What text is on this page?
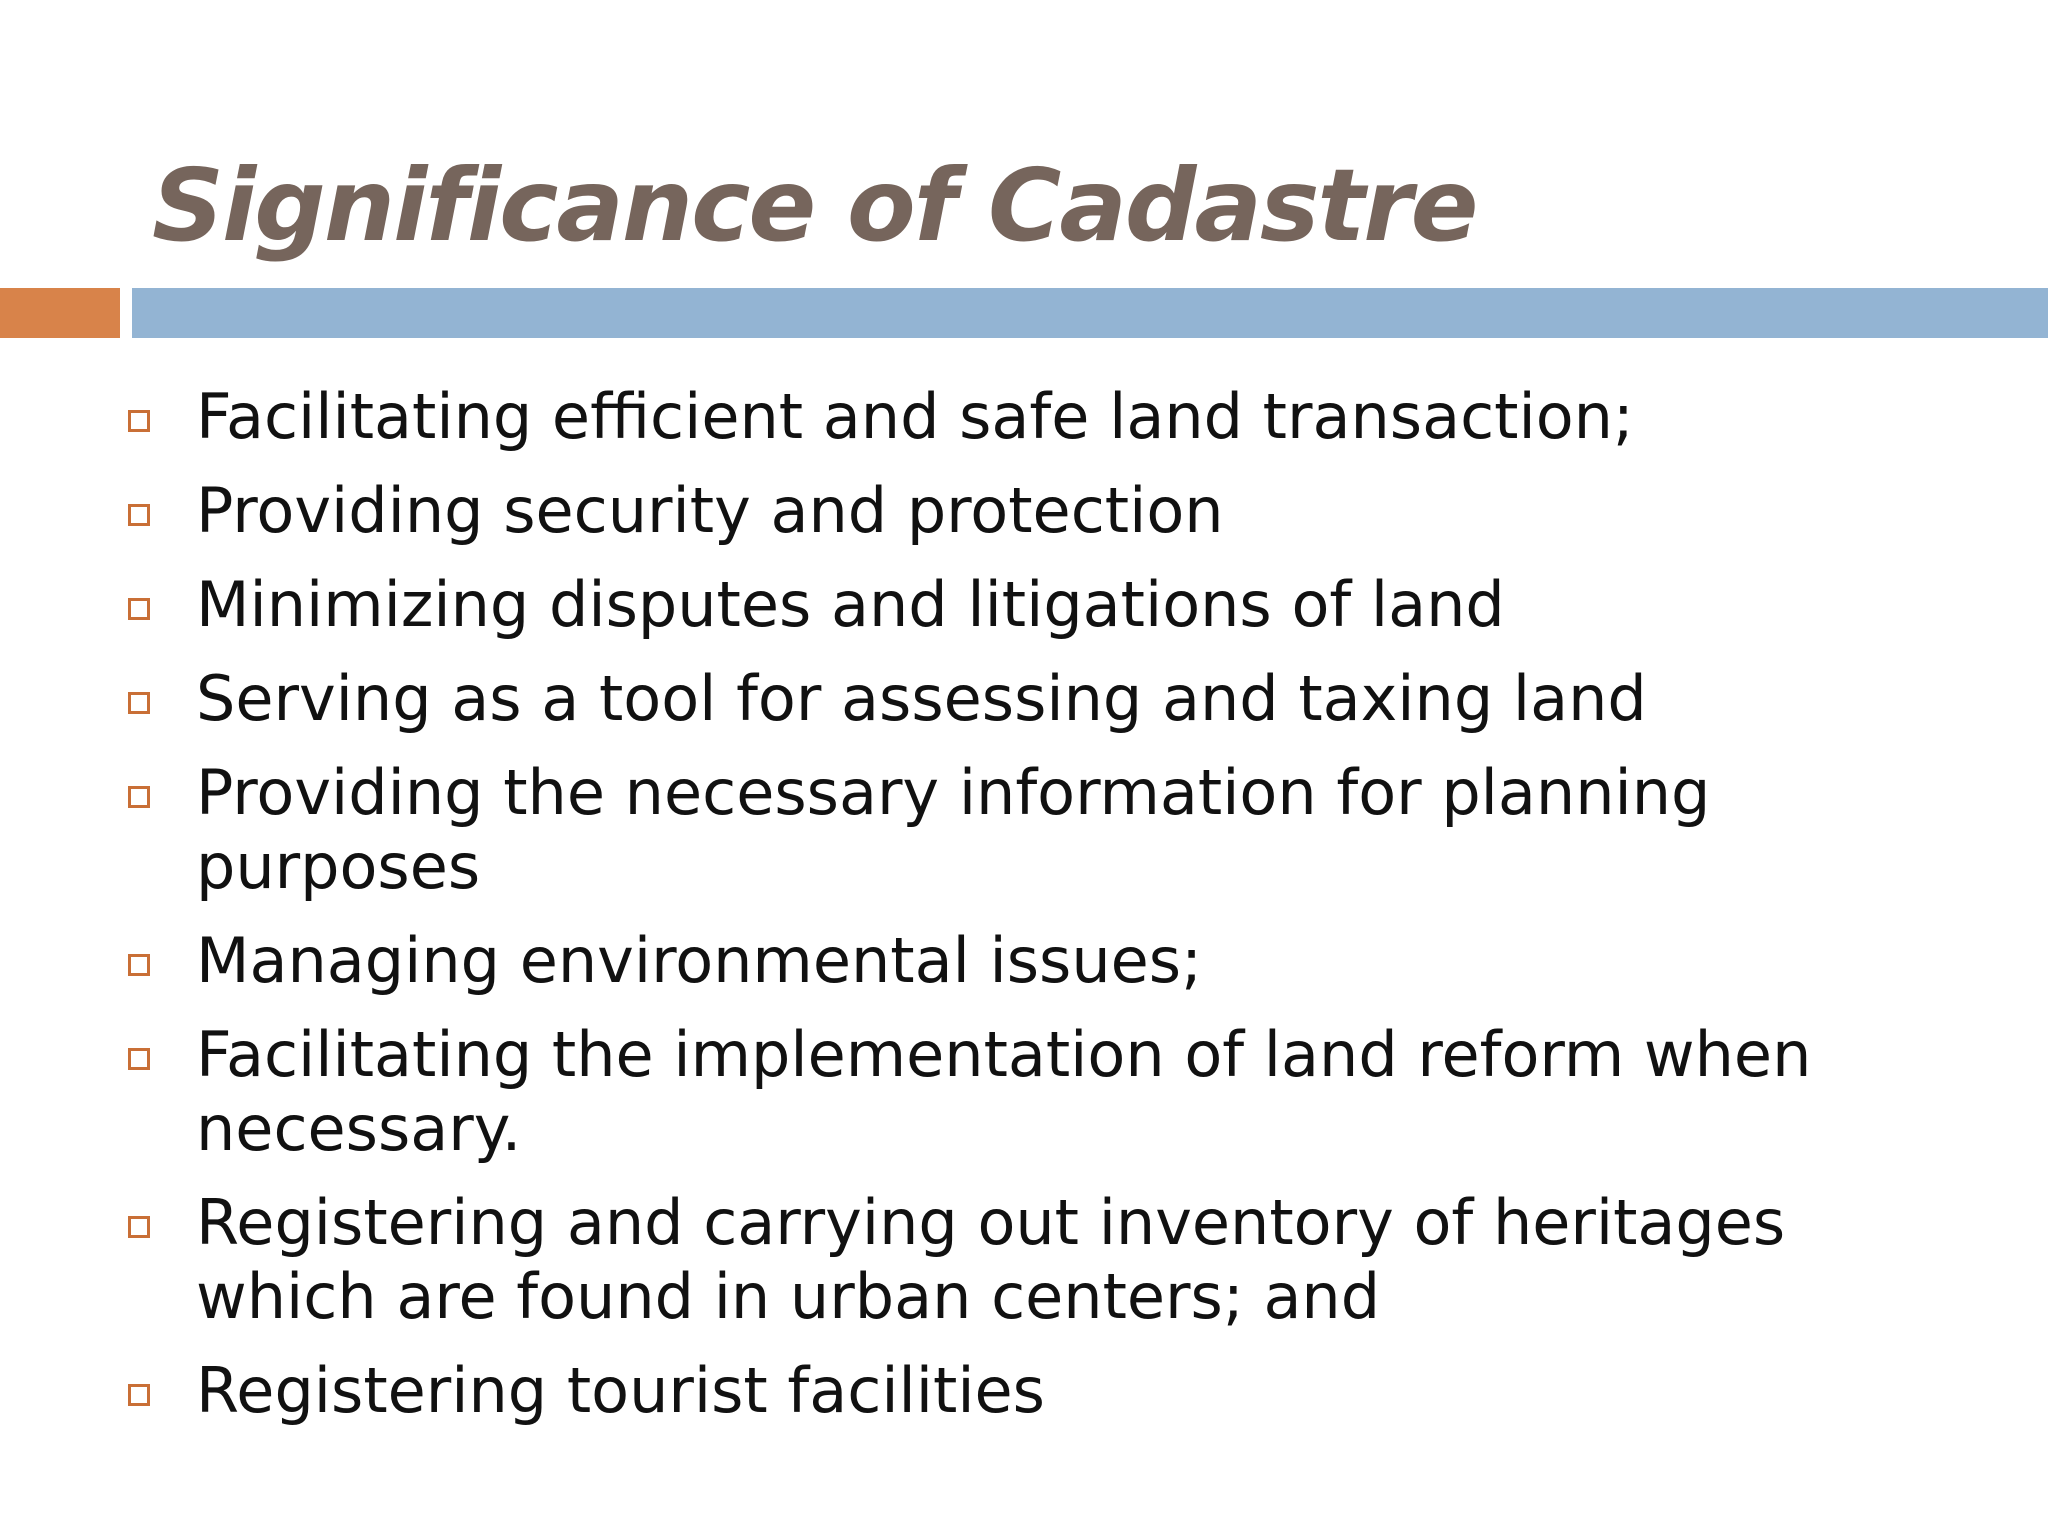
Significance of Cadastre
Facilitating efficient and safe land transaction;
Providing security and protection
Minimizing disputes and litigations of land
Serving as a tool for assessing and taxing land
Providing the necessary information for planning purposes
Managing environmental issues;
Facilitating the implementation of land reform when necessary.
Registering and carrying out inventory of heritages which are found in urban centers; and
Registering tourist facilities
